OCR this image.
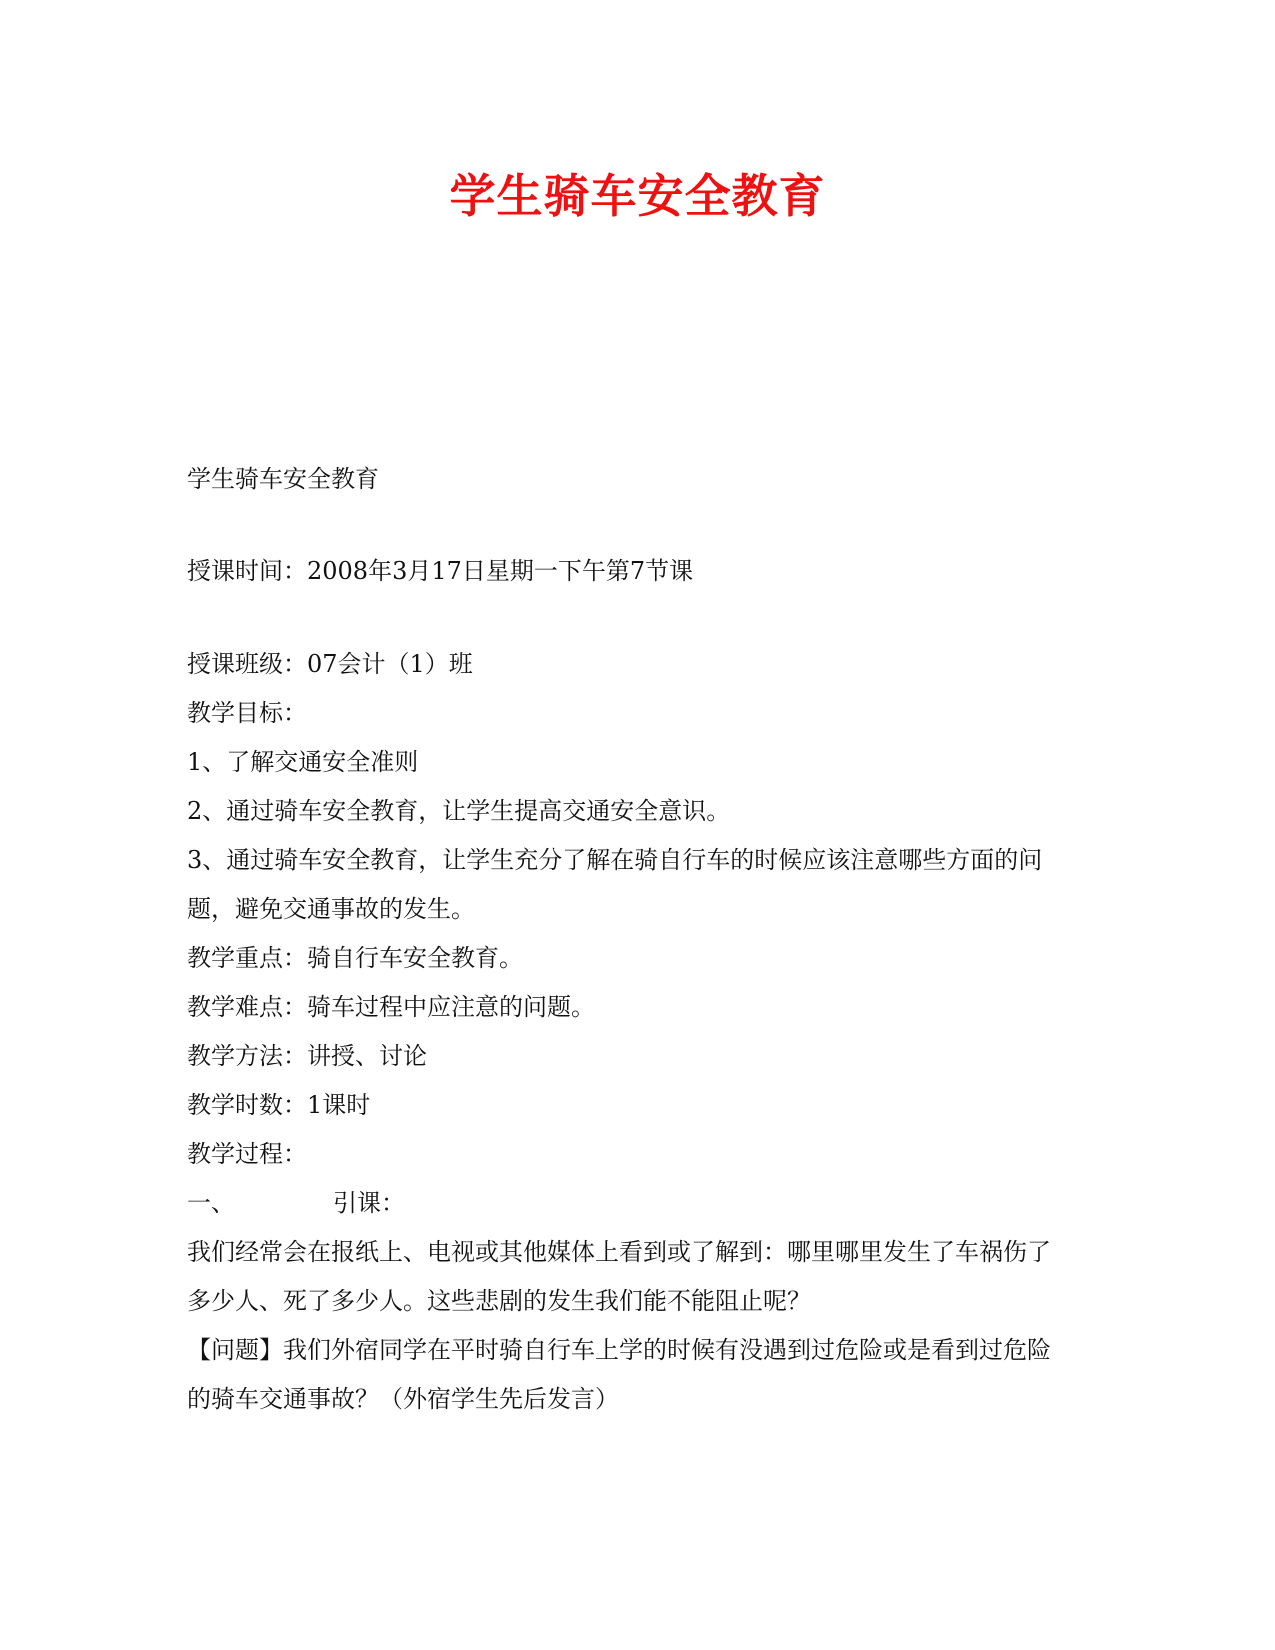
学生骑车安全教育

学生骑车安全教育

授课时间：2008年3月17日星期一下午第7节课

授课班级：07会计（1）班
教学目标：
1、了解交通安全准则
2、通过骑车安全教育，让学生提高交通安全意识。
3、通过骑车安全教育，让学生充分了解在骑自行车的时候应该注意哪些方面的问
题，避免交通事故的发生。
教学重点：骑自行车安全教育。
教学难点：骑车过程中应注意的问题。
教学方法：讲授、讨论
教学时数：1课时
教学过程：
一、	引课：
我们经常会在报纸上、电视或其他媒体上看到或了解到：哪里哪里发生了车祸伤了
多少人、死了多少人。这些悲剧的发生我们能不能阻止呢？
【问题】我们外宿同学在平时骑自行车上学的时候有没遇到过危险或是看到过危险
的骑车交通事故？（外宿学生先后发言）
